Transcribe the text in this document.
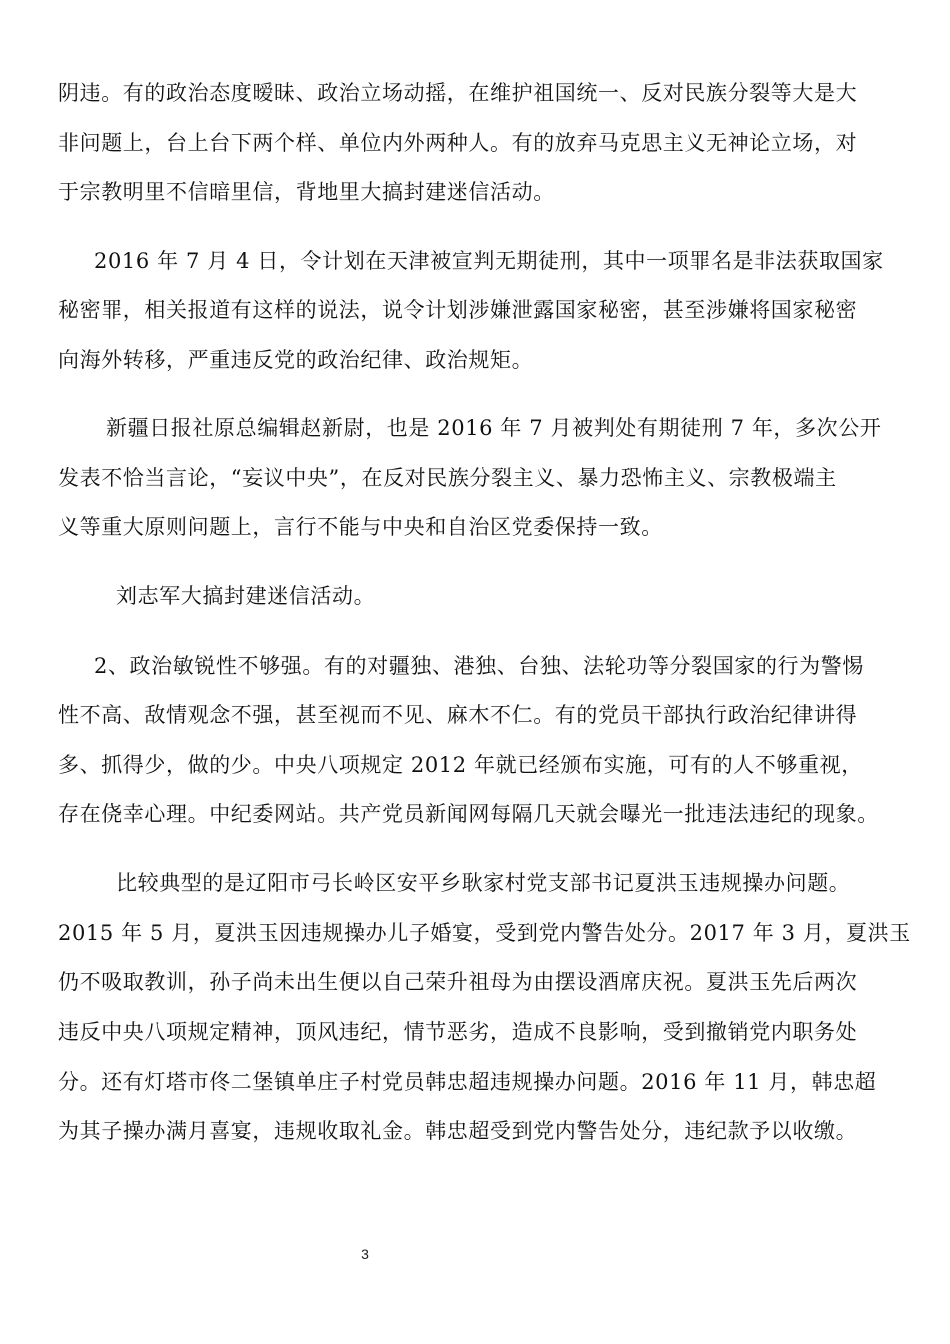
阴违。有的政治态度暧昧、政治立场动摇，在维护祖国统一、反对民族分裂等大是大
非问题上，台上台下两个样、单位内外两种人。有的放弃马克思主义无神论立场，对
于宗教明里不信暗里信，背地里大搞封建迷信活动。
2016 年 7 月 4 日，令计划在天津被宣判无期徒刑，其中一项罪名是非法获取国家
秘密罪，相关报道有这样的说法，说令计划涉嫌泄露国家秘密，甚至涉嫌将国家秘密
向海外转移，严重违反党的政治纪律、政治规矩。
新疆日报社原总编辑赵新尉，也是 2016 年 7 月被判处有期徒刑 7 年，多次公开
发表不恰当言论，“妄议中央”，在反对民族分裂主义、暴力恐怖主义、宗教极端主
义等重大原则问题上，言行不能与中央和自治区党委保持一致。
刘志军大搞封建迷信活动。
2、政治敏锐性不够强。有的对疆独、港独、台独、法轮功等分裂国家的行为警惕
性不高、敌情观念不强，甚至视而不见、麻木不仁。有的党员干部执行政治纪律讲得
多、抓得少，做的少。中央八项规定 2012 年就已经颁布实施，可有的人不够重视，
存在侥幸心理。中纪委网站。共产党员新闻网每隔几天就会曝光一批违法违纪的现象。
比较典型的是辽阳市弓长岭区安平乡耿家村党支部书记夏洪玉违规操办问题。
2015 年 5 月，夏洪玉因违规操办儿子婚宴，受到党内警告处分。2017 年 3 月，夏洪玉
仍不吸取教训，孙子尚未出生便以自己荣升祖母为由摆设酒席庆祝。夏洪玉先后两次
违反中央八项规定精神，顶风违纪，情节恶劣，造成不良影响，受到撤销党内职务处
分。还有灯塔市佟二堡镇单庄子村党员韩忠超违规操办问题。2016 年 11 月，韩忠超
为其子操办满月喜宴，违规收取礼金。韩忠超受到党内警告处分，违纪款予以收缴。
3
